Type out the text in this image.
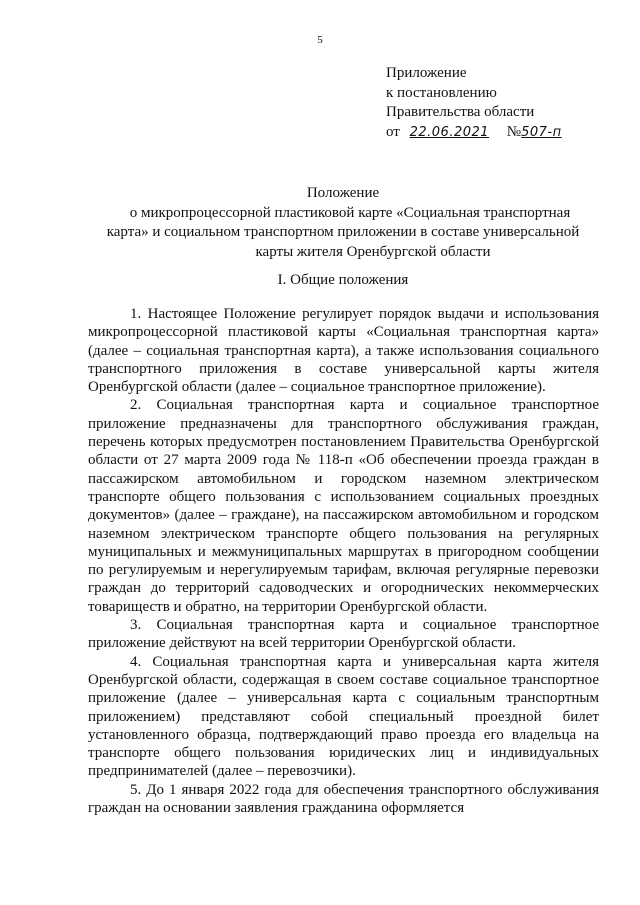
5
Приложение
к постановлению
Правительства области
от 22.06.2021 №507-п
Положение
о микропроцессорной пластиковой карте «Социальная транспортная
карта» и социальном транспортном приложении в составе универсальной
карты жителя Оренбургской области
I. Общие положения

1. Настоящее Положение регулирует порядок выдачи и использования микропроцессорной пластиковой карты «Социальная транспортная карта» (далее – социальная транспортная карта), а также использования социального транспортного приложения в составе универсальной карты жителя Оренбургской области (далее – социальное транспортное приложение).

2. Социальная транспортная карта и социальное транспортное приложение предназначены для транспортного обслуживания граждан, перечень которых предусмотрен постановлением Правительства Оренбургской области от 27 марта 2009 года № 118-п «Об обеспечении проезда граждан в пассажирском автомобильном и городском наземном электрическом транспорте общего пользования с использованием социальных проездных документов» (далее – граждане), на пассажирском автомобильном и городском наземном электрическом транспорте общего пользования на регулярных муниципальных и межмуниципальных маршрутах в пригородном сообщении по регулируемым и нерегулируемым тарифам, включая регулярные перевозки граждан до территорий садоводческих и огороднических некоммерческих товариществ и обратно, на территории Оренбургской области.

3. Социальная транспортная карта и социальное транспортное приложение действуют на всей территории Оренбургской области.

4. Социальная транспортная карта и универсальная карта жителя Оренбургской области, содержащая в своем составе социальное транспортное приложение (далее – универсальная карта с социальным транспортным приложением) представляют собой специальный проездной билет установленного образца, подтверждающий право проезда его владельца на транспорте общего пользования юридических лиц и индивидуальных предпринимателей (далее – перевозчики).

5. До 1 января 2022 года для обеспечения транспортного обслуживания граждан на основании заявления гражданина оформляется
